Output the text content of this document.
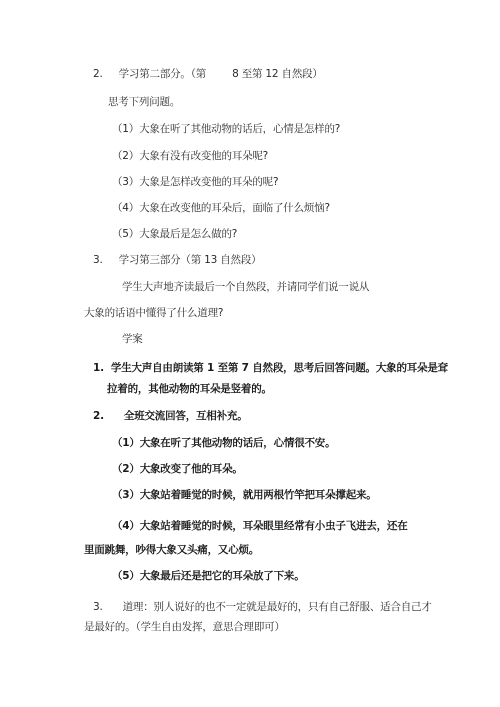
2. 学习第二部分。（第 8 至第 12 自然段）
思考下列问题。
（1）大象在听了其他动物的话后，心情是怎样的?
（2）大象有没有改变他的耳朵呢?
（3）大象是怎样改变他的耳朵的呢?
（4）大象在改变他的耳朵后，面临了什么烦恼?
（5）大象最后是怎么做的?
3. 学习第三部分（第 13 自然段）
学生大声地齐读最后一个自然段，并请同学们说一说从
大象的话语中懂得了什么道理?
学案
1. 学生大声自由朗读第 1 至第 7 自然段，思考后回答问题。大象的耳朵是耷
拉着的，其他动物的耳朵是竖着的。
2. 全班交流回答，互相补充。
（1）大象在听了其他动物的话后，心情很不安。
（2）大象改变了他的耳朵。
（3）大象站着睡觉的时候，就用两根竹竿把耳朵撑起来。
（4）大象站着睡觉的时候，耳朵眼里经常有小虫子飞进去，还在
里面跳舞，吵得大象又头痛，又心烦。
（5）大象最后还是把它的耳朵放了下来。
3. 道理：别人说好的也不一定就是最好的，只有自己舒服、适合自己才
是最好的。（学生自由发挥，意思合理即可）
